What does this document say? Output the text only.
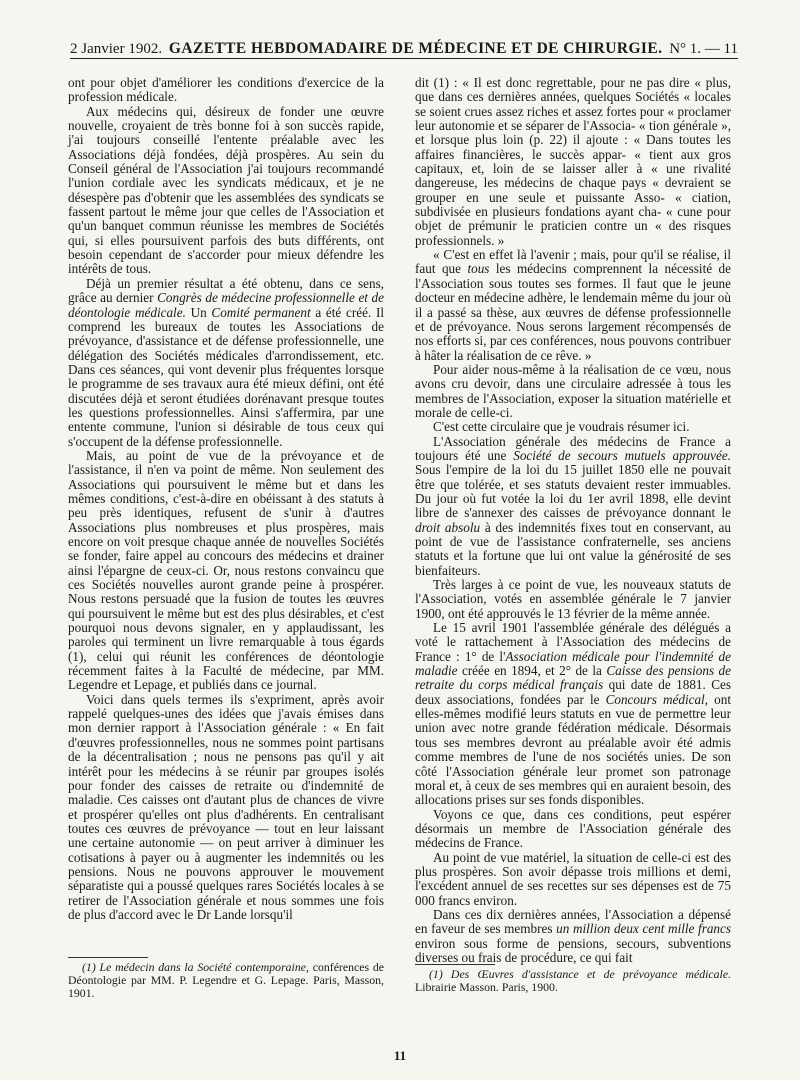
2 Janvier 1902. GAZETTE HEBDOMADAIRE DE MÉDECINE ET DE CHIRURGIE. N° 1. — 11

ont pour objet d'améliorer les conditions d'exercice de la profession médicale.

Aux médecins qui, désireux de fonder une œuvre nouvelle, croyaient de très bonne foi à son succès rapide, j'ai toujours conseillé l'entente préalable avec les Associations déjà fondées, déjà prospères. Au sein du Conseil général de l'Association j'ai toujours recommandé l'union cordiale avec les syndicats médicaux, et je ne désespère pas d'obtenir que les assemblées des syndicats se fassent partout le même jour que celles de l'Association et qu'un banquet commun réunisse les membres de Sociétés qui, si elles poursuivent parfois des buts différents, ont besoin cependant de s'accorder pour mieux défendre les intérêts de tous.

Déjà un premier résultat a été obtenu, dans ce sens, grâce au dernier Congrès de médecine professionnelle et de déontologie médicale. Un Comité permanent a été créé. Il comprend les bureaux de toutes les Associations de prévoyance, d'assistance et de défense professionnelle, une délégation des Sociétés médicales d'arrondissement, etc. Dans ces séances, qui vont devenir plus fréquentes lorsque le programme de ses travaux aura été mieux défini, ont été discutées déjà et seront étudiées dorénavant presque toutes les questions professionnelles. Ainsi s'affermira, par une entente commune, l'union si désirable de tous ceux qui s'occupent de la défense professionnelle.

Mais, au point de vue de la prévoyance et de l'assistance, il n'en va point de même. Non seulement des Associations qui poursuivent le même but et dans les mêmes conditions, c'est-à-dire en obéissant à des statuts à peu près identiques, refusent de s'unir à d'autres Associations plus nombreuses et plus prospères, mais encore on voit presque chaque année de nouvelles Sociétés se fonder, faire appel au concours des médecins et drainer ainsi l'épargne de ceux-ci. Or, nous restons convaincu que ces Sociétés nouvelles auront grande peine à prospérer. Nous restons persuadé que la fusion de toutes les œuvres qui poursuivent le même but est des plus désirables, et c'est pourquoi nous devons signaler, en y applaudissant, les paroles qui terminent un livre remarquable à tous égards (1), celui qui réunit les conférences de déontologie récemment faites à la Faculté de médecine, par MM. Legendre et Lepage, et publiés dans ce journal.

Voici dans quels termes ils s'expriment, après avoir rappelé quelques-unes des idées que j'avais émises dans mon dernier rapport à l'Association générale : « En fait d'œuvres professionnelles, nous ne sommes point partisans de la décentralisation ; nous ne pensons pas qu'il y ait intérêt pour les médecins à se réunir par groupes isolés pour fonder des caisses de retraite ou d'indemnité de maladie. Ces caisses ont d'autant plus de chances de vivre et prospérer qu'elles ont plus d'adhérents. En centralisant toutes ces œuvres de prévoyance — tout en leur laissant une certaine autonomie — on peut arriver à diminuer les cotisations à payer ou à augmenter les indemnités ou les pensions. Nous ne pouvons approuver le mouvement séparatiste qui a poussé quelques rares Sociétés locales à se retirer de l'Association générale et nous sommes une fois de plus d'accord avec le Dr Lande lorsqu'il

(1) Le médecin dans la Société contemporaine, conférences de Déontologie par MM. P. Legendre et G. Lepage. Paris, Masson, 1901.

dit (1) : « Il est donc regrettable, pour ne pas dire « plus, que dans ces dernières années, quelques Sociétés « locales se soient crues assez riches et assez fortes pour « proclamer leur autonomie et se séparer de l'Associa- « tion générale », et lorsque plus loin (p. 22) il ajoute : « Dans toutes les affaires financières, le succès appar- « tient aux gros capitaux, et, loin de se laisser aller à « une rivalité dangereuse, les médecins de chaque pays « devraient se grouper en une seule et puissante Asso- « ciation, subdivisée en plusieurs fondations ayant cha- « cune pour objet de prémunir le praticien contre un « des risques professionnels. »

« C'est en effet là l'avenir ; mais, pour qu'il se réalise, il faut que tous les médecins comprennent la nécessité de l'Association sous toutes ses formes. Il faut que le jeune docteur en médecine adhère, le lendemain même du jour où il a passé sa thèse, aux œuvres de défense professionnelle et de prévoyance. Nous serons largement récompensés de nos efforts si, par ces conférences, nous pouvons contribuer à hâter la réalisation de ce rêve. »

Pour aider nous-même à la réalisation de ce vœu, nous avons cru devoir, dans une circulaire adressée à tous les membres de l'Association, exposer la situation matérielle et morale de celle-ci.

C'est cette circulaire que je voudrais résumer ici.

L'Association générale des médecins de France a toujours été une Société de secours mutuels approuvée. Sous l'empire de la loi du 15 juillet 1850 elle ne pouvait être que tolérée, et ses statuts devaient rester immuables. Du jour où fut votée la loi du 1er avril 1898, elle devint libre de s'annexer des caisses de prévoyance donnant le droit absolu à des indemnités fixes tout en conservant, au point de vue de l'assistance confraternelle, ses anciens statuts et la fortune que lui ont value la générosité de ses bienfaiteurs.

Très larges à ce point de vue, les nouveaux statuts de l'Association, votés en assemblée générale le 7 janvier 1900, ont été approuvés le 13 février de la même année.

Le 15 avril 1901 l'assemblée générale des délégués a voté le rattachement à l'Association des médecins de France : 1° de l'Association médicale pour l'indemnité de maladie créée en 1894, et 2° de la Caisse des pensions de retraite du corps médical français qui date de 1881. Ces deux associations, fondées par le Concours médical, ont elles-mêmes modifié leurs statuts en vue de permettre leur union avec notre grande fédération médicale. Désormais tous ses membres devront au préalable avoir été admis comme membres de l'une de nos sociétés unies. De son côté l'Association générale leur promet son patronage moral et, à ceux de ses membres qui en auraient besoin, des allocations prises sur ses fonds disponibles.

Voyons ce que, dans ces conditions, peut espérer désormais un membre de l'Association générale des médecins de France.

Au point de vue matériel, la situation de celle-ci est des plus prospères. Son avoir dépasse trois millions et demi, l'excédent annuel de ses recettes sur ses dépenses est de 75 000 francs environ.

Dans ces dix dernières années, l'Association a dépensé en faveur de ses membres un million deux cent mille francs environ sous forme de pensions, secours, subventions diverses ou frais de procédure, ce qui fait

(1) Des Œuvres d'assistance et de prévoyance médicale. Librairie Masson. Paris, 1900.

11
